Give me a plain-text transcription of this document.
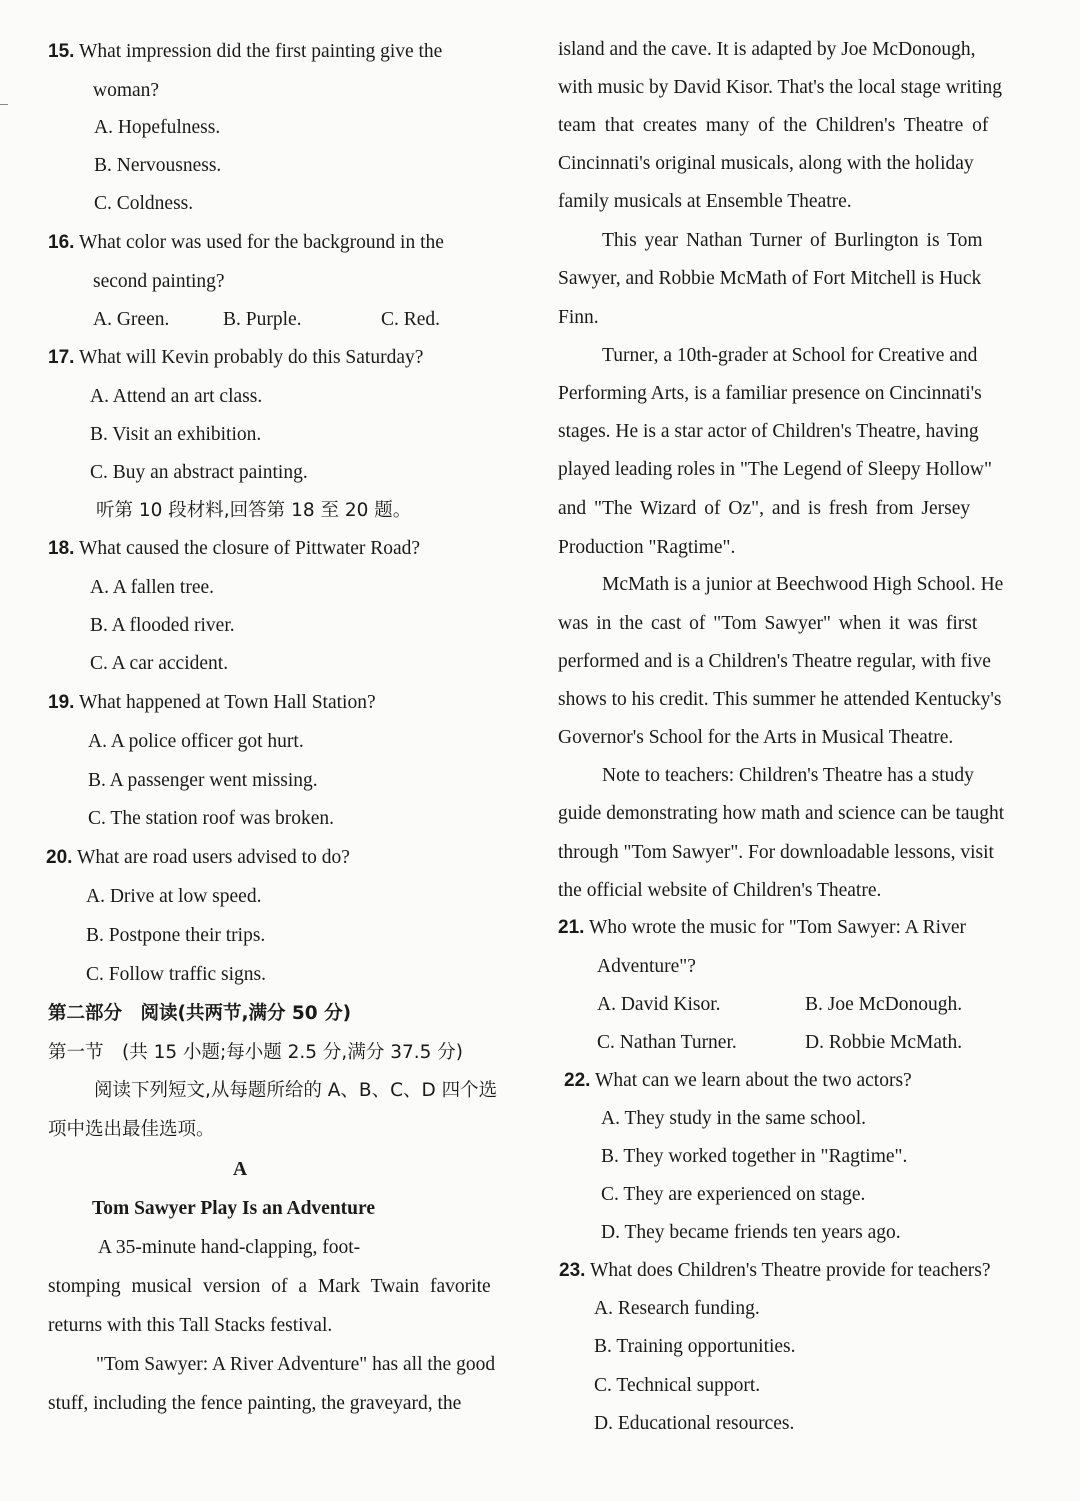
15. What impression did the first painting give the
woman?
A. Hopefulness.
B. Nervousness.
C. Coldness.
16. What color was used for the background in the
second painting?
A. Green.	B. Purple.	C. Red.
17. What will Kevin probably do this Saturday?
A. Attend an art class.
B. Visit an exhibition.
C. Buy an abstract painting.
听第 10 段材料,回答第 18 至 20 题。
18. What caused the closure of Pittwater Road?
A. A fallen tree.
B. A flooded river.
C. A car accident.
19. What happened at Town Hall Station?
A. A police officer got hurt.
B. A passenger went missing.
C. The station roof was broken.
20. What are road users advised to do?
A. Drive at low speed.
B. Postpone their trips.
C. Follow traffic signs.
第二部分　阅读(共两节,满分 50 分)
第一节　(共 15 小题;每小题 2.5 分,满分 37.5 分)
阅读下列短文,从每题所给的 A、B、C、D 四个选
项中选出最佳选项。
A
Tom Sawyer Play Is an Adventure
A 35-minute hand-clapping, foot-
stomping musical version of a Mark Twain favorite
returns with this Tall Stacks festival.
"Tom Sawyer: A River Adventure" has all the good
stuff, including the fence painting, the graveyard, the
island and the cave. It is adapted by Joe McDonough,
with music by David Kisor. That's the local stage writing
team that creates many of the Children's Theatre of
Cincinnati's original musicals, along with the holiday
family musicals at Ensemble Theatre.
This year Nathan Turner of Burlington is Tom
Sawyer, and Robbie McMath of Fort Mitchell is Huck
Finn.
Turner, a 10th-grader at School for Creative and
Performing Arts, is a familiar presence on Cincinnati's
stages. He is a star actor of Children's Theatre, having
played leading roles in "The Legend of Sleepy Hollow"
and "The Wizard of Oz", and is fresh from Jersey
Production "Ragtime".
McMath is a junior at Beechwood High School. He
was in the cast of "Tom Sawyer" when it was first
performed and is a Children's Theatre regular, with five
shows to his credit. This summer he attended Kentucky's
Governor's School for the Arts in Musical Theatre.
Note to teachers: Children's Theatre has a study
guide demonstrating how math and science can be taught
through "Tom Sawyer". For downloadable lessons, visit
the official website of Children's Theatre.
21. Who wrote the music for "Tom Sawyer: A River
Adventure"?
A. David Kisor.	B. Joe McDonough.
C. Nathan Turner.	D. Robbie McMath.
22. What can we learn about the two actors?
A. They study in the same school.
B. They worked together in "Ragtime".
C. They are experienced on stage.
D. They became friends ten years ago.
23. What does Children's Theatre provide for teachers?
A. Research funding.
B. Training opportunities.
C. Technical support.
D. Educational resources.
